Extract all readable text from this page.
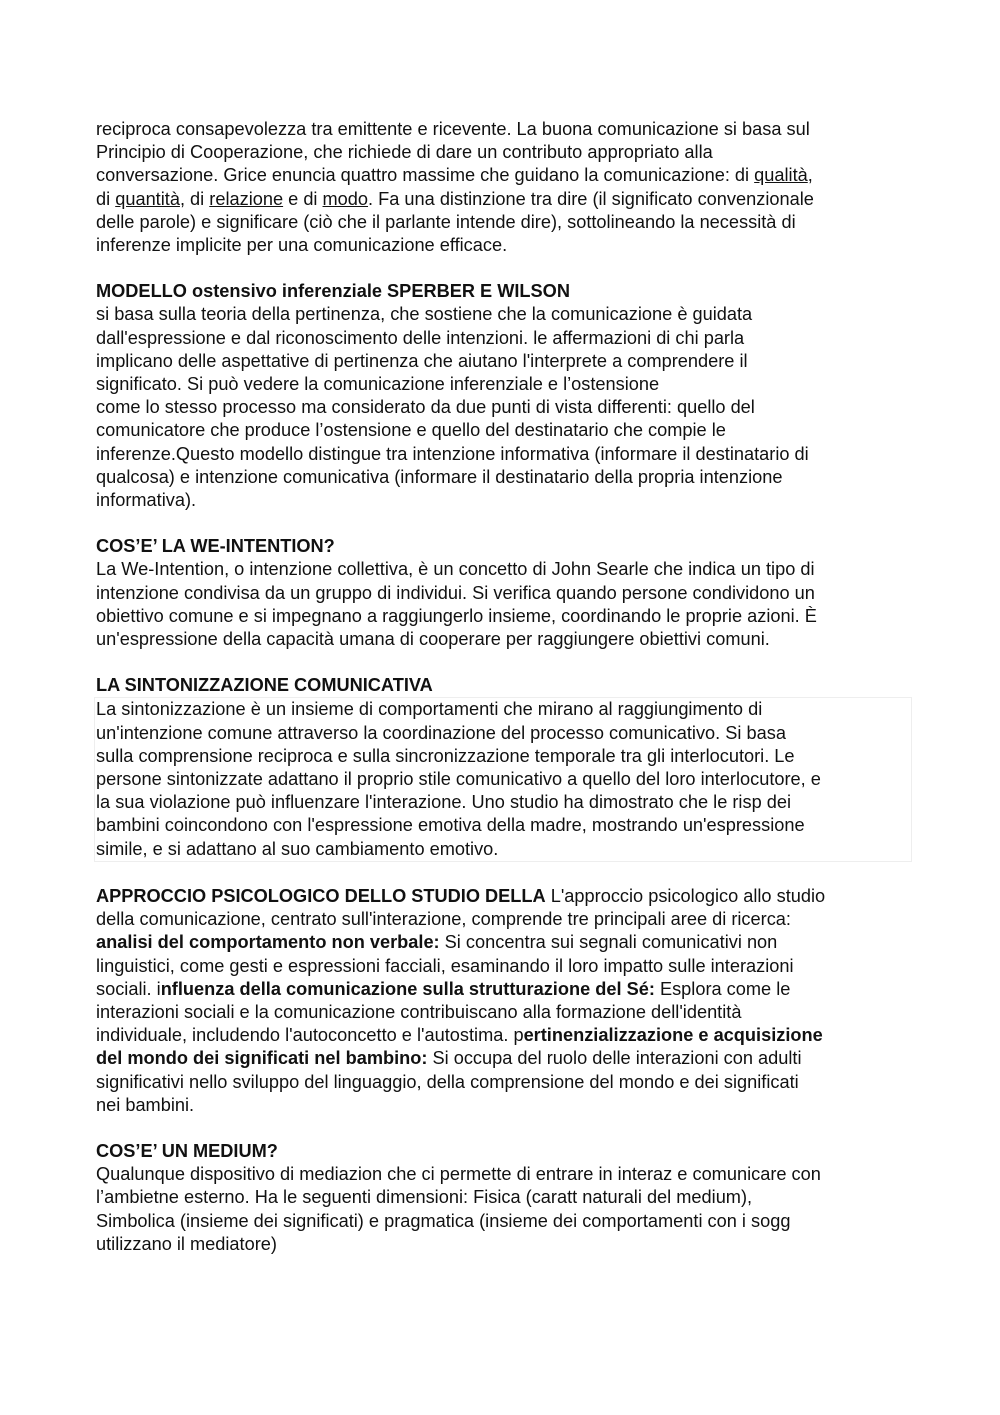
reciproca consapevolezza tra emittente e ricevente. La buona comunicazione si basa sul
Principio di Cooperazione, che richiede di dare un contributo appropriato alla
conversazione. Grice enuncia quattro massime che guidano la comunicazione: di qualità,
di quantità, di relazione e di modo. Fa una distinzione tra dire (il significato convenzionale
delle parole) e significare (ciò che il parlante intende dire), sottolineando la necessità di
inferenze implicite per una comunicazione efficace.
MODELLO ostensivo inferenziale SPERBER E WILSON
si basa sulla teoria della pertinenza, che sostiene che la comunicazione è guidata
dall'espressione e dal riconoscimento delle intenzioni. le affermazioni di chi parla
implicano delle aspettative di pertinenza che aiutano l'interprete a comprendere il
significato. Si può vedere la comunicazione inferenziale e l’ostensione
come lo stesso processo ma considerato da due punti di vista differenti: quello del
comunicatore che produce l’ostensione e quello del destinatario che compie le
inferenze.Questo modello distingue tra intenzione informativa (informare il destinatario di
qualcosa) e intenzione comunicativa (informare il destinatario della propria intenzione
informativa).
COS’E’ LA WE-INTENTION?
La We-Intention, o intenzione collettiva, è un concetto di John Searle che indica un tipo di
intenzione condivisa da un gruppo di individui. Si verifica quando persone condividono un
obiettivo comune e si impegnano a raggiungerlo insieme, coordinando le proprie azioni. È
un'espressione della capacità umana di cooperare per raggiungere obiettivi comuni.
LA SINTONIZZAZIONE COMUNICATIVA
La sintonizzazione è un insieme di comportamenti che mirano al raggiungimento di
un'intenzione comune attraverso la coordinazione del processo comunicativo. Si basa
sulla comprensione reciproca e sulla sincronizzazione temporale tra gli interlocutori. Le
persone sintonizzate adattano il proprio stile comunicativo a quello del loro interlocutore, e
la sua violazione può influenzare l'interazione. Uno studio ha dimostrato che le risp dei
bambini coincondono con l'espressione emotiva della madre, mostrando un'espressione
simile, e si adattano al suo cambiamento emotivo.
APPROCCIO PSICOLOGICO DELLO STUDIO DELLA L'approccio psicologico allo studio
della comunicazione, centrato sull'interazione, comprende tre principali aree di ricerca:
analisi del comportamento non verbale: Si concentra sui segnali comunicativi non
linguistici, come gesti e espressioni facciali, esaminando il loro impatto sulle interazioni
sociali. influenza della comunicazione sulla strutturazione del Sé: Esplora come le
interazioni sociali e la comunicazione contribuiscano alla formazione dell'identità
individuale, includendo l'autoconcetto e l'autostima. pertinenzializzazione e acquisizione
del mondo dei significati nel bambino: Si occupa del ruolo delle interazioni con adulti
significativi nello sviluppo del linguaggio, della comprensione del mondo e dei significati
nei bambini.
COS’E’ UN MEDIUM?
Qualunque dispositivo di mediazion che ci permette di entrare in interaz e comunicare con
l’ambietne esterno. Ha le seguenti dimensioni: Fisica (caratt naturali del medium),
Simbolica (insieme dei significati) e pragmatica (insieme dei comportamenti con i sogg
utilizzano il mediatore)
